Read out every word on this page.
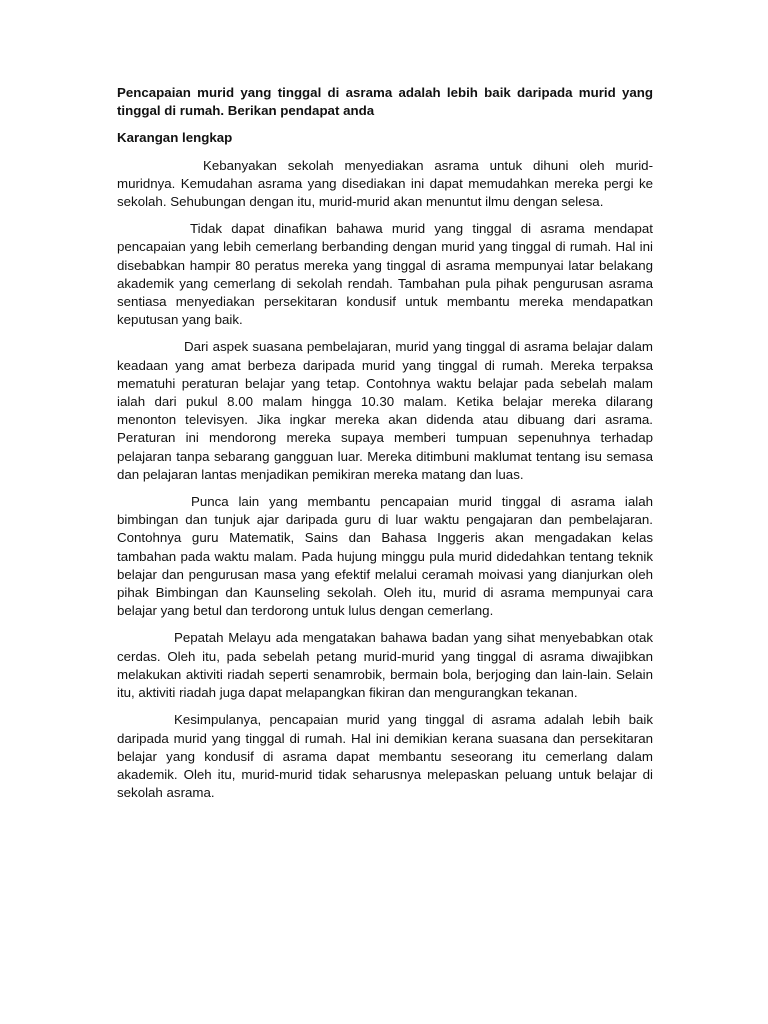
Pencapaian murid yang tinggal di asrama adalah lebih baik daripada murid yang tinggal di rumah. Berikan pendapat anda
Karangan lengkap

Kebanyakan sekolah menyediakan asrama untuk dihuni oleh murid-muridnya. Kemudahan asrama yang disediakan ini dapat memudahkan mereka pergi ke sekolah. Sehubungan dengan itu, murid-murid akan menuntut ilmu dengan selesa.

Tidak dapat dinafikan bahawa murid yang tinggal di asrama mendapat pencapaian yang lebih cemerlang berbanding dengan murid yang tinggal di rumah. Hal ini disebabkan hampir 80 peratus mereka yang tinggal di asrama mempunyai latar belakang akademik yang cemerlang di sekolah rendah. Tambahan pula pihak pengurusan asrama sentiasa menyediakan persekitaran kondusif untuk membantu mereka mendapatkan keputusan yang baik.

Dari aspek suasana pembelajaran, murid yang tinggal di asrama belajar dalam keadaan yang amat berbeza daripada murid yang tinggal di rumah. Mereka terpaksa mematuhi peraturan belajar yang tetap. Contohnya waktu belajar pada sebelah malam ialah dari pukul 8.00 malam hingga 10.30 malam. Ketika belajar mereka dilarang menonton televisyen. Jika ingkar mereka akan didenda atau dibuang dari asrama. Peraturan ini mendorong mereka supaya memberi tumpuan sepenuhnya terhadap pelajaran tanpa sebarang gangguan luar. Mereka ditimbuni maklumat tentang isu semasa dan pelajaran lantas menjadikan pemikiran mereka matang dan luas.

Punca lain yang membantu pencapaian murid tinggal di asrama ialah bimbingan dan tunjuk ajar daripada guru di luar waktu pengajaran dan pembelajaran. Contohnya guru Matematik, Sains dan Bahasa Inggeris akan mengadakan kelas tambahan pada waktu malam. Pada hujung minggu pula murid didedahkan tentang teknik belajar dan pengurusan masa yang efektif melalui ceramah moivasi yang dianjurkan oleh pihak Bimbingan dan Kaunseling sekolah. Oleh itu, murid di asrama mempunyai cara belajar yang betul dan terdorong untuk lulus dengan cemerlang.

Pepatah Melayu ada mengatakan bahawa badan yang sihat menyebabkan otak cerdas. Oleh itu, pada sebelah petang murid-murid yang tinggal di asrama diwajibkan melakukan aktiviti riadah seperti senamrobik, bermain bola, berjoging dan lain-lain. Selain itu, aktiviti riadah juga dapat melapangkan fikiran dan mengurangkan tekanan.

Kesimpulanya, pencapaian murid yang tinggal di asrama adalah lebih baik daripada murid yang tinggal di rumah. Hal ini demikian kerana suasana dan persekitaran belajar yang kondusif di asrama dapat membantu seseorang itu cemerlang dalam akademik. Oleh itu, murid-murid tidak seharusnya melepaskan peluang untuk belajar di sekolah asrama.
